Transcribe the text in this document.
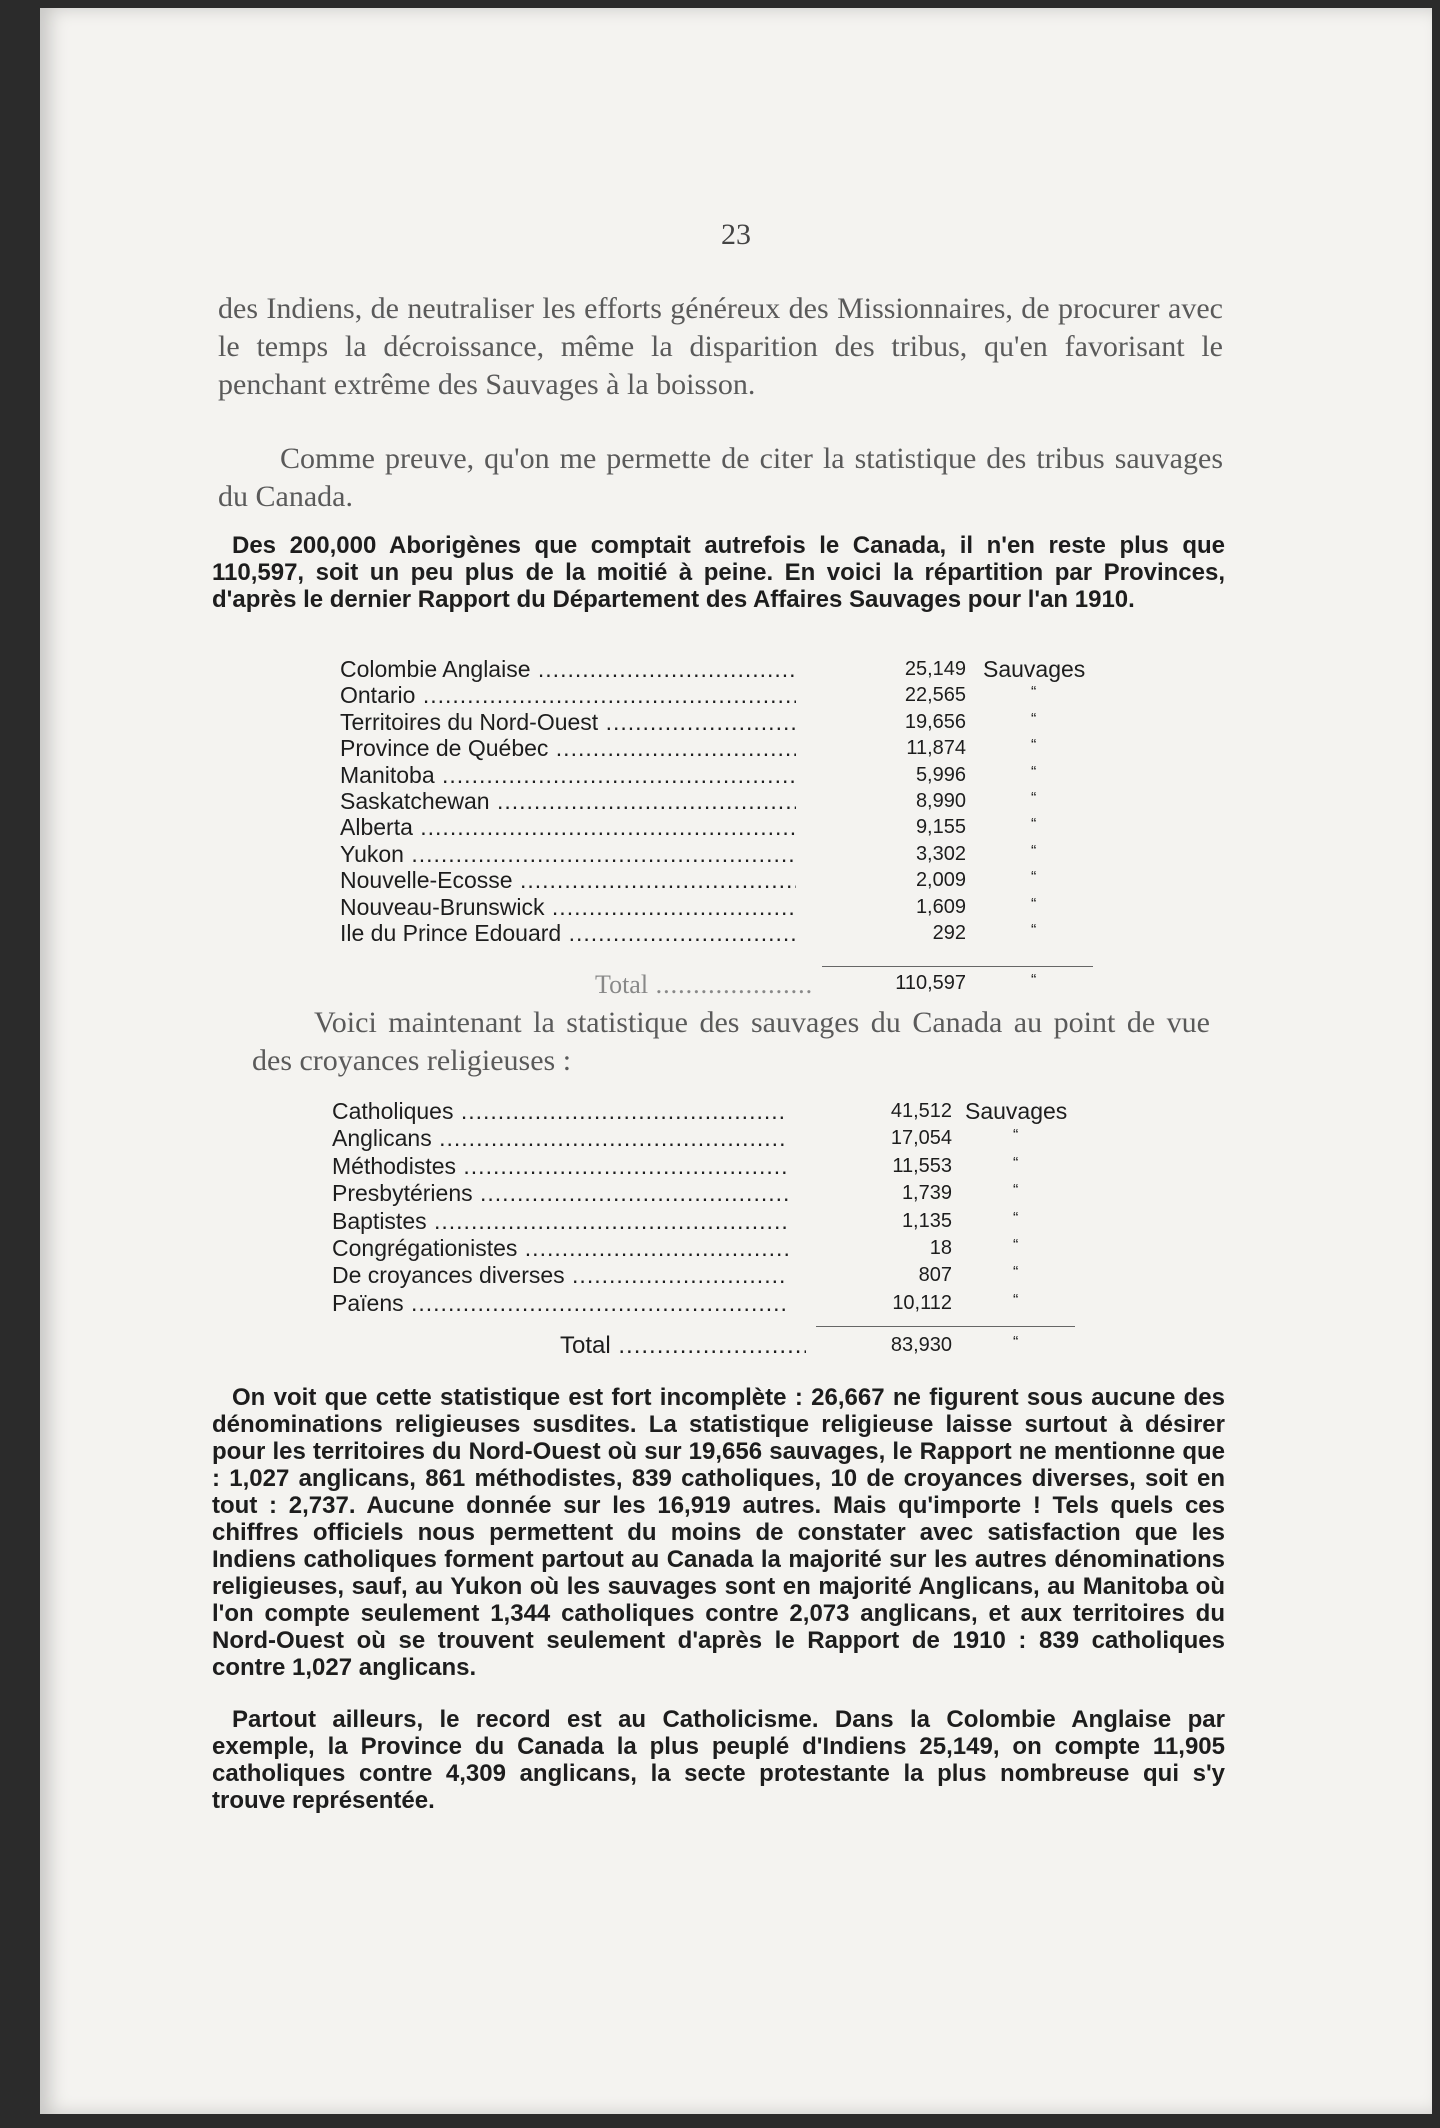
23
des Indiens, de neutraliser les efforts généreux des Missionnaires, de procurer avec le temps la décroissance, même la disparition des tribus, qu'en favorisant le penchant extrême des Sauvages à la boisson.
Comme preuve, qu'on me permette de citer la statistique des tribus sauvages du Canada.
Des 200,000 Aborigènes que comptait autrefois le Canada, il n'en reste plus que 110,597, soit un peu plus de la moitié à peine. En voici la répartition par Provinces, d'après le dernier Rapport du Département des Affaires Sauvages pour l'an 1910.
Colombie Anglaise .....	25,149 Sauvages
Ontario .....	22,565	“
Territoires du Nord-Ouest .....	19,656	“
Province de Québec .....	11,874	“
Manitoba .....	5,996	“
Saskatchewan .....	8,990	“
Alberta .....	9,155	“
Yukon .....	3,302	“
Nouvelle-Ecosse .....	2,009	“
Nouveau-Brunswick .....	1,609	“
Ile du Prince Edouard .....	292	“
Total .....	110,597	“
Voici maintenant la statistique des sauvages du Canada au point de vue des croyances religieuses :
Catholiques .....	41,512 Sauvages
Anglicans .....	17,054	“
Méthodistes .....	11,553	“
Presbytériens .....	1,739	“
Baptistes .....	1,135	“
Congrégationistes .....	18	“
De croyances diverses .....	807	“
Païens .....	10,112	“
Total .....	83,930	“
On voit que cette statistique est fort incomplète : 26,667 ne figurent sous aucune des dénominations religieuses susdites. La statistique religieuse laisse surtout à désirer pour les territoires du Nord-Ouest où sur 19,656 sauvages, le Rapport ne mentionne que : 1,027 anglicans, 861 méthodistes, 839 catholiques, 10 de croyances diverses, soit en tout : 2,737. Aucune donnée sur les 16,919 autres. Mais qu'importe ! Tels quels ces chiffres officiels nous permettent du moins de constater avec satisfaction que les Indiens catholiques forment partout au Canada la majorité sur les autres dénominations religieuses, sauf, au Yukon où les sauvages sont en majorité Anglicans, au Manitoba où l'on compte seulement 1,344 catholiques contre 2,073 anglicans, et aux territoires du Nord-Ouest où se trouvent seulement d'après le Rapport de 1910 : 839 catholiques contre 1,027 anglicans.
Partout ailleurs, le record est au Catholicisme. Dans la Colombie Anglaise par exemple, la Province du Canada la plus peuplé d'Indiens 25,149, on compte 11,905 catholiques contre 4,309 anglicans, la secte protestante la plus nombreuse qui s'y trouve représentée.
